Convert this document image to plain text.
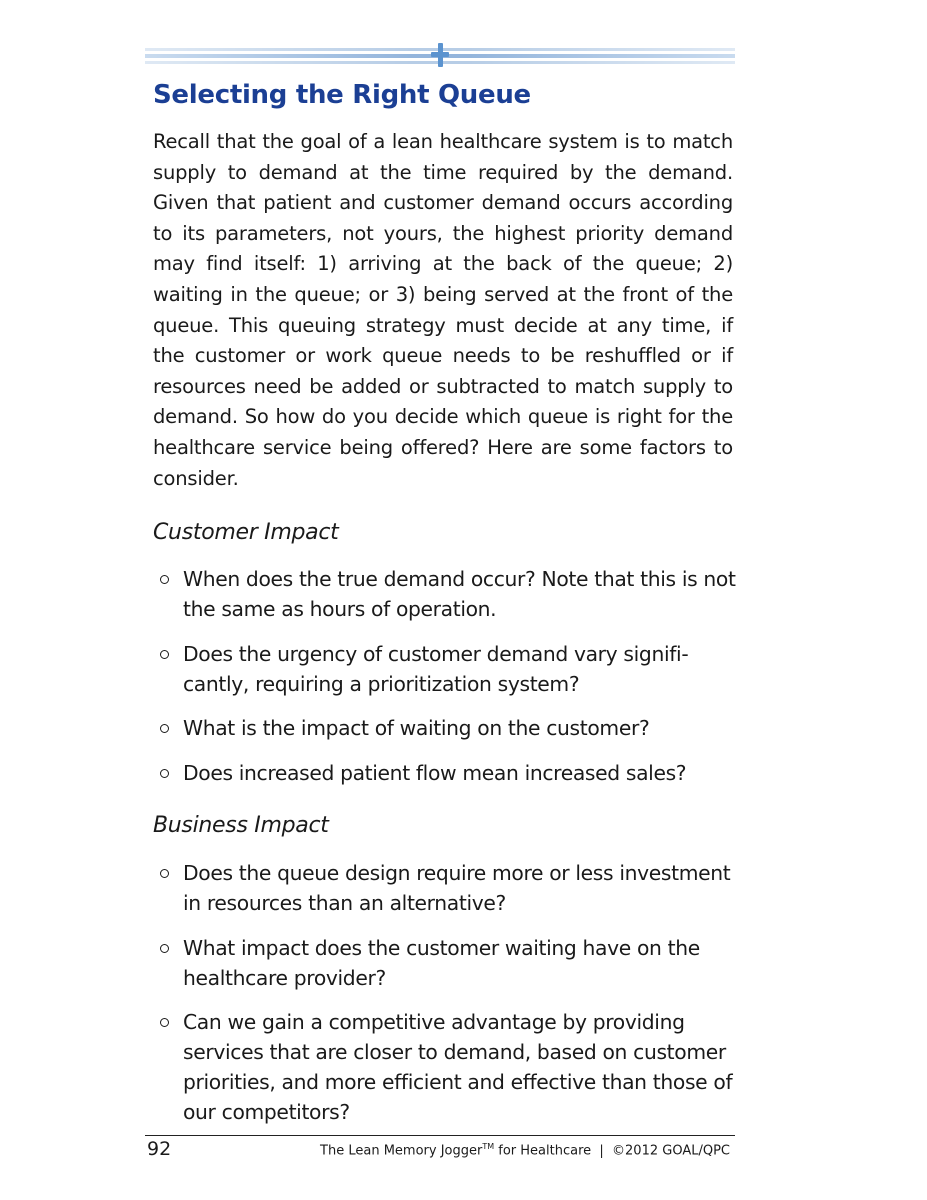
Selecting the Right Queue
Recall that the goal of a lean healthcare system is to match supply to demand at the time required by the demand. Given that patient and customer demand occurs according to its parameters, not yours, the highest priority demand may find itself: 1) arriving at the back of the queue; 2) waiting in the queue; or 3) being served at the front of the queue. This queuing strategy must decide at any time, if the customer or work queue needs to be reshuffled or if resources need be added or subtracted to match supply to demand. So how do you decide which queue is right for the healthcare service being offered? Here are some factors to consider.
Customer Impact
When does the true demand occur? Note that this is not the same as hours of operation.
Does the urgency of customer demand vary significantly, requiring a prioritization system?
What is the impact of waiting on the customer?
Does increased patient flow mean increased sales?
Business Impact
Does the queue design require more or less investment in resources than an alternative?
What impact does the customer waiting have on the healthcare provider?
Can we gain a competitive advantage by providing services that are closer to demand, based on customer priorities, and more efficient and effective than those of our competitors?
92	The Lean Memory Jogger™ for Healthcare  |  ©2012 GOAL/QPC
